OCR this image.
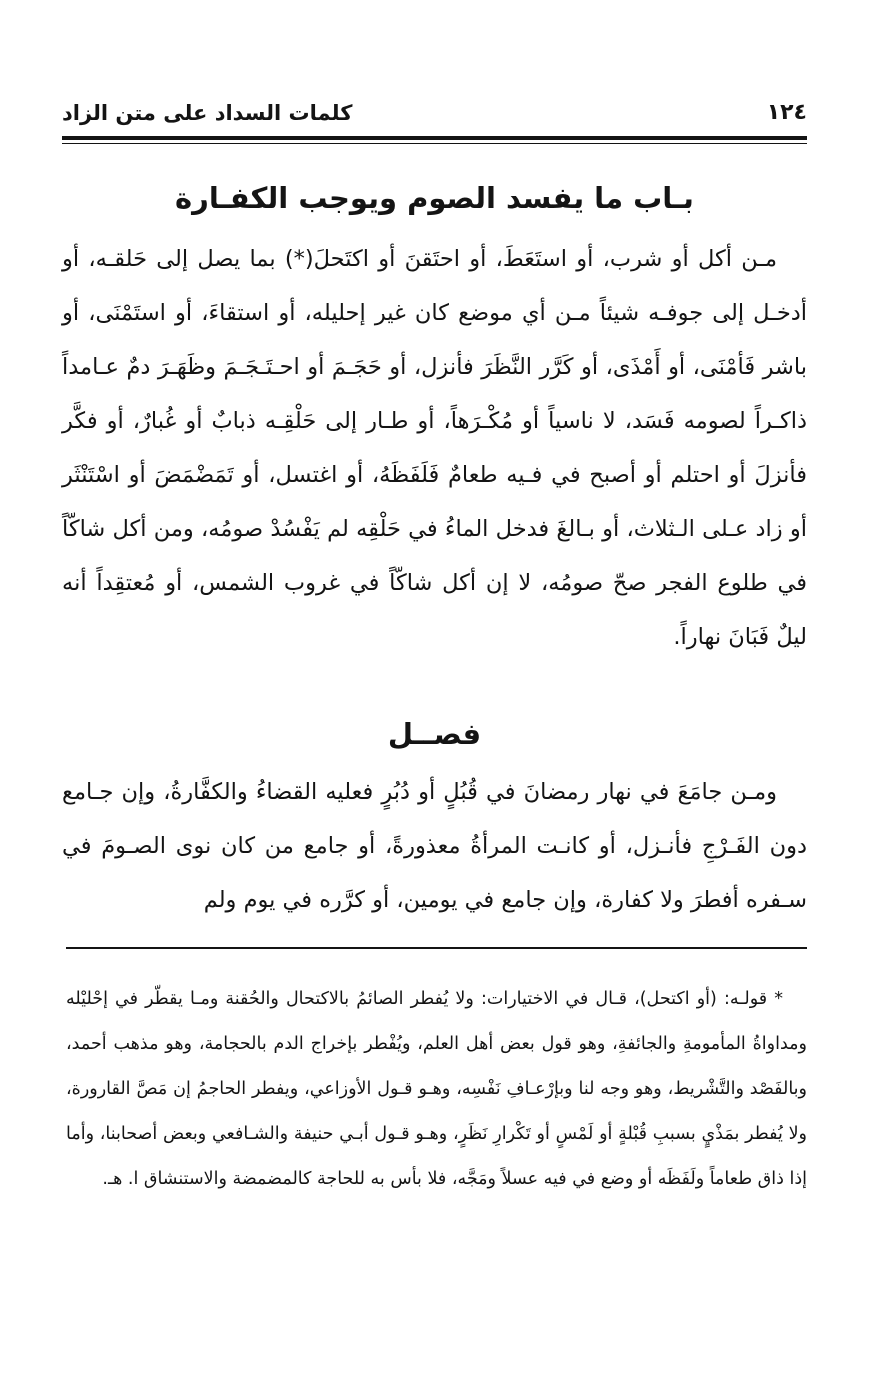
١٢٤
كلمات السداد على متن الزاد
بـاب ما يفسد الصوم ويوجب الكفـارة
مـن أكل أو شرب، أو استَعَطَ، أو احتَقنَ أو اكتَحلَ(*) بما يصل إلى حَلقـه، أو أدخـل إلى جوفـه شيئاً مـن أي موضع كان غير إحليله، أو استقاءَ، أو استَمْنَى، أو باشر فَأمْنَى، أو أَمْذَى، أو كَرَّر النَّظَرَ فأنزل، أو حَجَـمَ أو احـتَـجَـمَ وظَهَـرَ دمٌ عـامداً ذاكـراً لصومه فَسَد، لا ناسياً أو مُكْـرَهاً، أو طـار إلى حَلْقِـه ذبابٌ أو غُبارٌ، أو فكَّر فأنزلَ أو احتلم أو أصبح في فـيه طعامٌ فَلَفَظَهُ، أو اغتسل، أو تَمَضْمَضَ أو اسْتَنْثَر أو زاد عـلى الـثلاث، أو بـالغَ فدخل الماءُ في حَلْقِه لم يَفْسُدْ صومُه، ومن أكل شاكّاً في طلوع الفجر صحّ صومُه، لا إن أكل شاكّاً في غروب الشمس، أو مُعتقِداً أنه ليلٌ فَبَانَ نهاراً.
فصــل
ومـن جامَعَ في نهار رمضانَ في قُبُلٍ أو دُبُرٍ فعليه القضاءُ والكفَّارةُ، وإن جـامع دون الفَـرْجِ فأنـزل، أو كانـت المرأةُ معذورةً، أو جامع من كان نوى الصـومَ في سـفره أفطرَ ولا كفارة، وإن جامع في يومين، أو كرَّره في يوم ولم
* قولـه: (أو اكتحل)، قـال في الاختيارات: ولا يُفطر الصائمُ بالاكتحال والحُقنة ومـا يقطّر في إحْليْله ومداواةُ المأمومةِ والجائفةِ، وهو قول بعض أهل العلم، ويُفْطر بإخراج الدم بالحجامة، وهو مذهب أحمد، وبالفَصْد والتَّشْريط، وهو وجه لنا وبإرْعـافِ نَفْسِه، وهـو قـول الأوزاعي، ويفطر الحاجمُ إن مَصَّ القارورة، ولا يُفطر بمَذْيٍ بسببِ قُبْلةٍ أو لَمْسٍ أو تَكْرارِ نَظَرٍ، وهـو قـول أبـي حنيفة والشـافعي وبعض أصحابنا، وأما إذا ذاق طعاماً ولَفَظَه أو وضع في فيه عسلاً ومَجَّه، فلا بأس به للحاجة كالمضمضة والاستنشاق ا. هـ.
